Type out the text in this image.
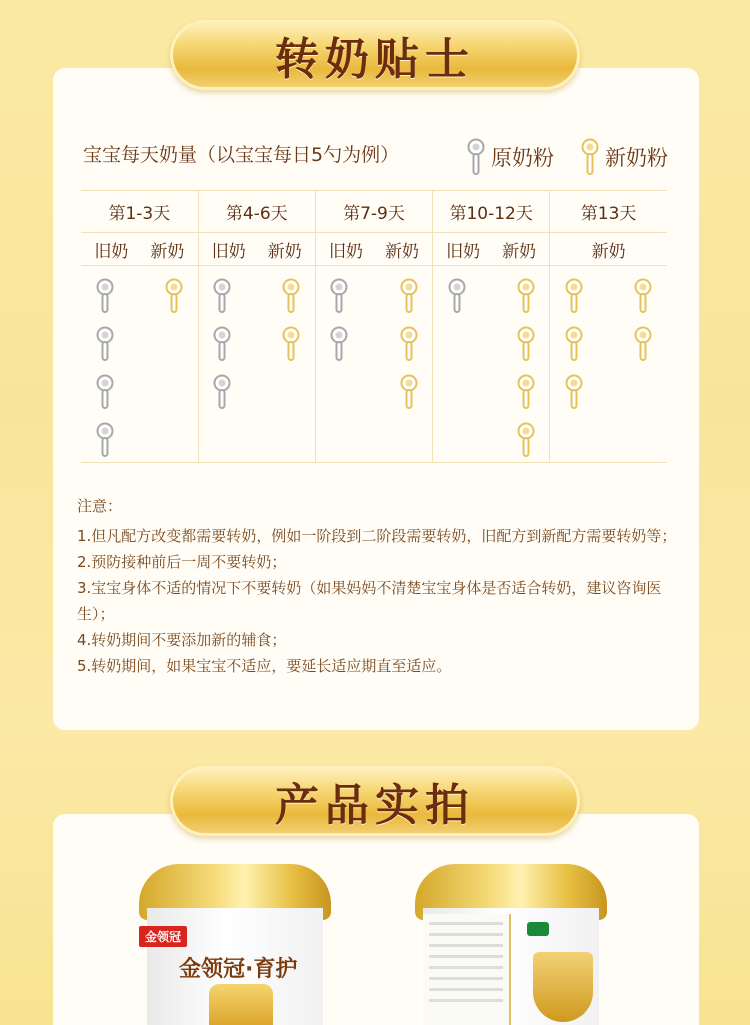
转奶贴士
宝宝每天奶量（以宝宝每日5勺为例）	原奶粉 新奶粉
第1-3天	第4-6天	第7-9天	第10-12天	第13天

旧奶 新奶	旧奶 新奶	旧奶 新奶	旧奶 新奶	新奶

注意：
1.但凡配方改变都需要转奶，例如一阶段到二阶段需要转奶，旧配方到新配方需要转奶等；
2.预防接种前后一周不要转奶；
3.宝宝身体不适的情况下不要转奶（如果妈妈不清楚宝宝身体是否适合转奶，建议咨询医生）；
4.转奶期间不要添加新的辅食；
5.转奶期间，如果宝宝不适应，要延长适应期直至适应。
产品实拍
金领冠
金领冠·育护
